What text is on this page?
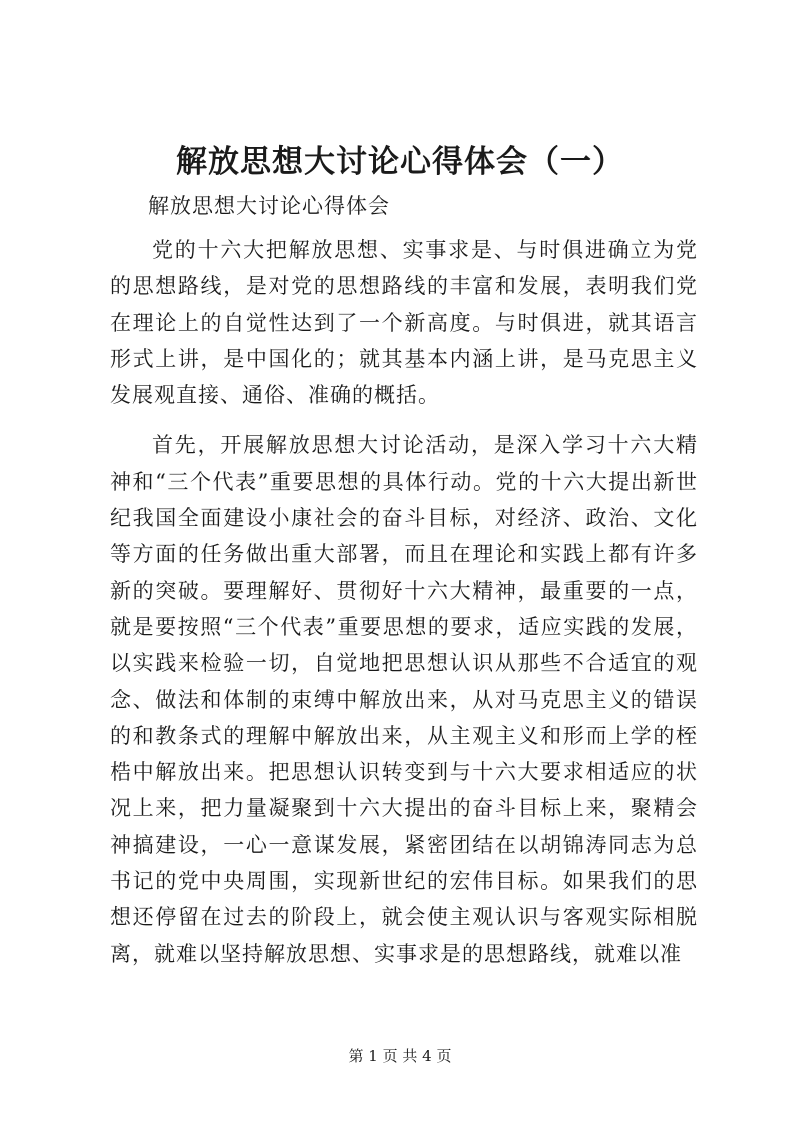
解放思想大讨论心得体会（一）
解放思想大讨论心得体会

党的十六大把解放思想、实事求是、与时俱进确立为党的思想路线，是对党的思想路线的丰富和发展，表明我们党在理论上的自觉性达到了一个新高度。与时俱进，就其语言形式上讲，是中国化的；就其基本内涵上讲，是马克思主义发展观直接、通俗、准确的概括。

首先，开展解放思想大讨论活动，是深入学习十六大精神和“三个代表”重要思想的具体行动。党的十六大提出新世纪我国全面建设小康社会的奋斗目标，对经济、政治、文化等方面的任务做出重大部署，而且在理论和实践上都有许多新的突破。要理解好、贯彻好十六大精神，最重要的一点，就是要按照“三个代表”重要思想的要求，适应实践的发展，以实践来检验一切，自觉地把思想认识从那些不合适宜的观念、做法和体制的束缚中解放出来，从对马克思主义的错误的和教条式的理解中解放出来，从主观主义和形而上学的桎梏中解放出来。把思想认识转变到与十六大要求相适应的状况上来，把力量凝聚到十六大提出的奋斗目标上来，聚精会神搞建设，一心一意谋发展，紧密团结在以胡锦涛同志为总书记的党中央周围，实现新世纪的宏伟目标。如果我们的思想还停留在过去的阶段上，就会使主观认识与客观实际相脱离，就难以坚持解放思想、实事求是的思想路线，就难以准

第 1 页 共 4 页
